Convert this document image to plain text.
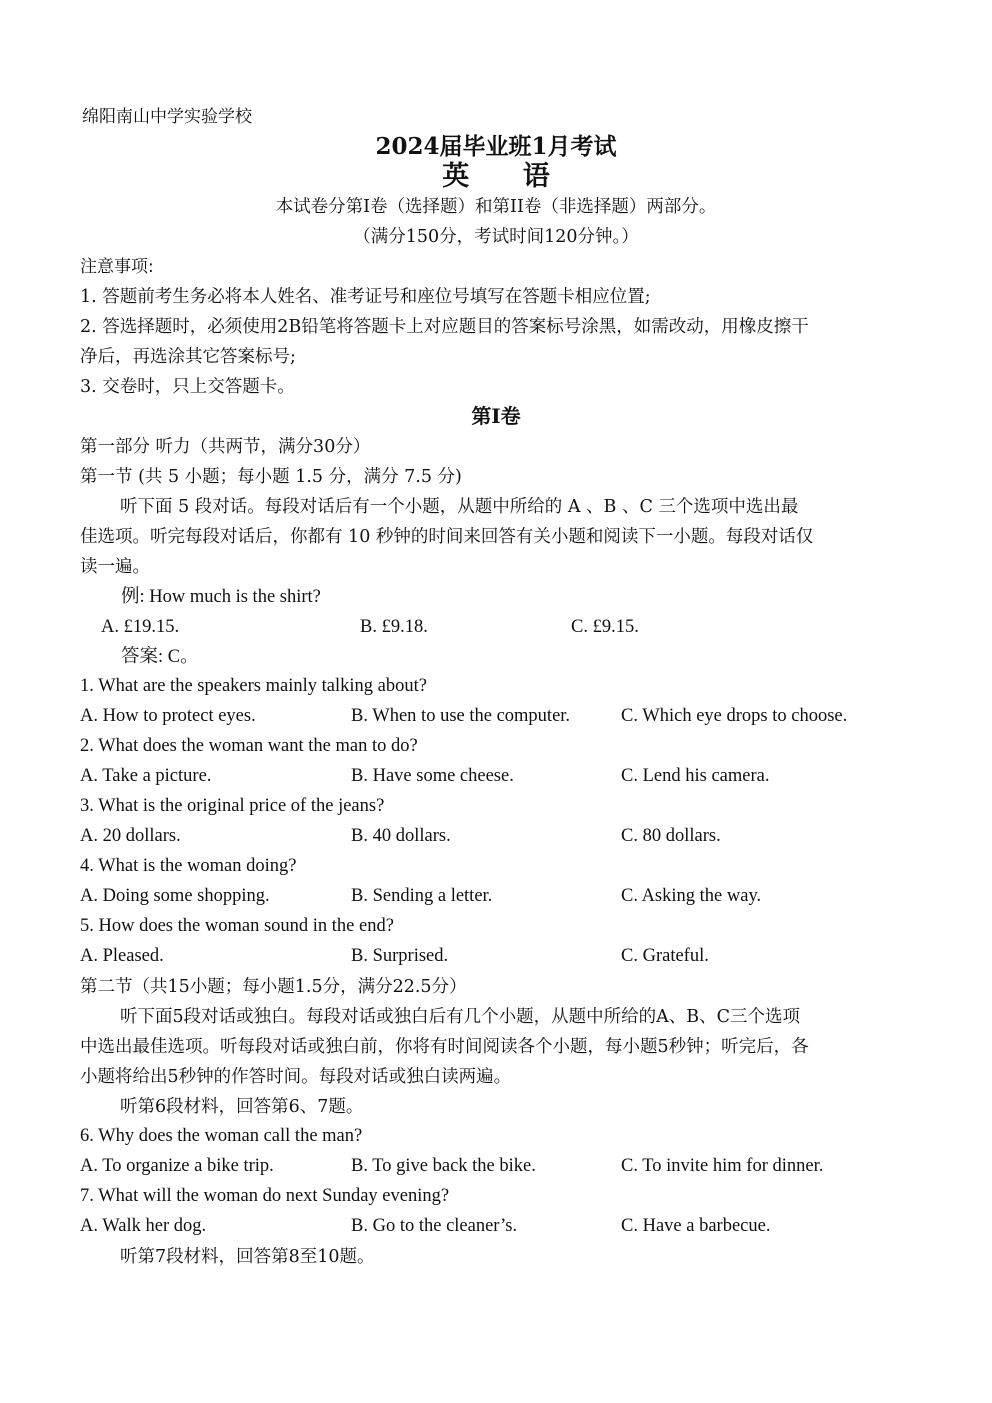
绵阳南山中学实验学校
2024届毕业班1月考试
英 语
本试卷分第I卷（选择题）和第II卷（非选择题）两部分。
（满分150分，考试时间120分钟。）
注意事项:
1. 答题前考生务必将本人姓名、准考证号和座位号填写在答题卡相应位置;
2. 答选择题时，必须使用2B铅笔将答题卡上对应题目的答案标号涂黑，如需改动，用橡皮擦干
净后，再选涂其它答案标号;
3. 交卷时，只上交答题卡。
第I卷
第一部分 听力（共两节，满分30分）
第一节 (共 5 小题；每小题 1.5 分，满分 7.5 分)
听下面 5 段对话。每段对话后有一个小题，从题中所给的 A 、B 、C 三个选项中选出最
佳选项。听完每段对话后，你都有 10 秒钟的时间来回答有关小题和阅读下一小题。每段对话仅
读一遍。
例: How much is the shirt?
A. £19.15.	B. £9.18.	C. £9.15.
答案: C。
1. What are the speakers mainly talking about?
A. How to protect eyes.	B. When to use the computer.	C. Which eye drops to choose.
2. What does the woman want the man to do?
A. Take a picture.	B. Have some cheese.	C. Lend his camera.
3. What is the original price of the jeans?
A. 20 dollars.	B. 40 dollars.	C. 80 dollars.
4. What is the woman doing?
A. Doing some shopping.	B. Sending a letter.	C. Asking the way.
5. How does the woman sound in the end?
A. Pleased.	B. Surprised.	C. Grateful.
第二节（共15小题；每小题1.5分，满分22.5分）
听下面5段对话或独白。每段对话或独白后有几个小题，从题中所给的A、B、C三个选项
中选出最佳选项。听每段对话或独白前，你将有时间阅读各个小题，每小题5秒钟；听完后，各
小题将给出5秒钟的作答时间。每段对话或独白读两遍。
听第6段材料，回答第6、7题。
6. Why does the woman call the man?
A. To organize a bike trip.	B. To give back the bike.	C. To invite him for dinner.
7. What will the woman do next Sunday evening?
A. Walk her dog.	B. Go to the cleaner’s.	C. Have a barbecue.
听第7段材料，回答第8至10题。
